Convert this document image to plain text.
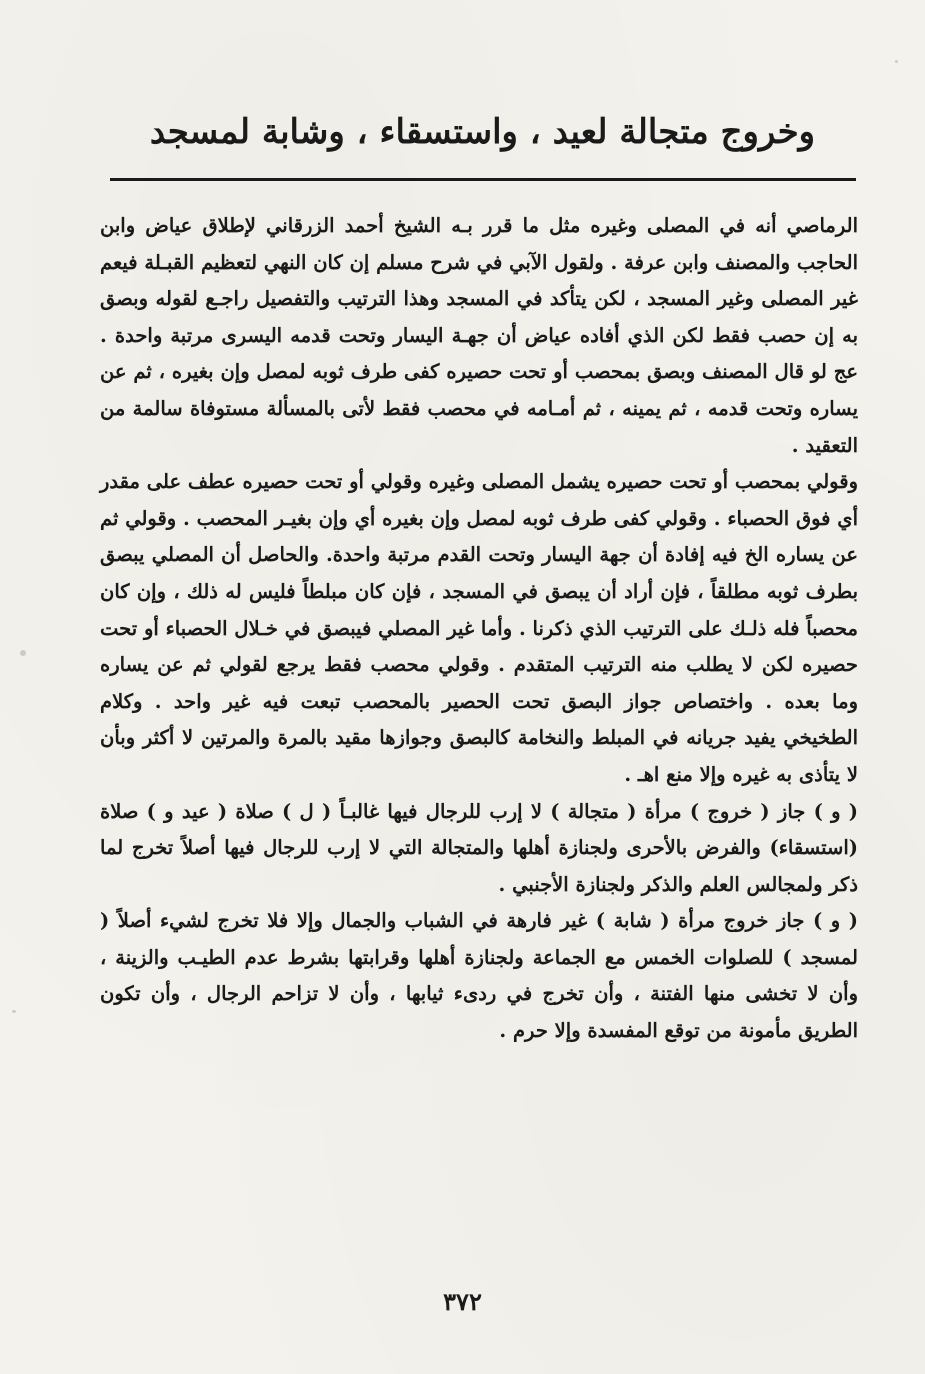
وخروج متجالة لعيد ، واستسقاء ، وشابة لمسجد

الرماصي أنه في المصلى وغيره مثل ما قرر بـه الشيخ أحمد الزرقاني لإطلاق عياض وابن الحاجب والمصنف وابن عرفة . ولقول الآبي في شرح مسلم إن كان النهي لتعظيم القبـلة فيعم غير المصلى وغير المسجد ، لكن يتأكد في المسجد وهذا الترتيب والتفصيل راجـع لقوله وبصق به إن حصب فقط لكن الذي أفاده عياض أن جهـة اليسار وتحت قدمه اليسرى مرتبة واحدة . عج لو قال المصنف وبصق بمحصب أو تحت حصيره كفى طرف ثوبه لمصل وإن بغيره ، ثم عن يساره وتحت قدمه ، ثم يمينه ، ثم أمـامه في محصب فقط لأتى بالمسألة مستوفاة سالمة من التعقيد .

وقولي بمحصب أو تحت حصيره يشمل المصلى وغيره وقولي أو تحت حصيره عطف على مقدر أي فوق الحصباء . وقولي كفى طرف ثوبه لمصل وإن بغيره أي وإن بغيـر المحصب . وقولي ثم عن يساره الخ فيه إفادة أن جهة اليسار وتحت القدم مرتبة واحدة. والحاصل أن المصلي يبصق بطرف ثوبه مطلقاً ، فإن أراد أن يبصق في المسجد ، فإن كان مبلطاً فليس له ذلك ، وإن كان محصباً فله ذلـك على الترتيب الذي ذكرنا . وأما غير المصلي فيبصق في خـلال الحصباء أو تحت حصيره لكن لا يطلب منه الترتيب المتقدم . وقولي محصب فقط يرجع لقولي ثم عن يساره وما بعده . واختصاص جواز البصق تحت الحصير بالمحصب تبعت فيه غير واحد . وكلام الطخيخي يفيد جريانه في المبلط والنخامة كالبصق وجوازها مقيد بالمرة والمرتين لا أكثر وبأن لا يتأذى به غيره وإلا منع اهـ .

( و ) جاز ( خروج ) مرأة ( متجالة ) لا إرب للرجال فيها غالبـاً ( ل ) صلاة ( عيد و ) صلاة (استسقاء) والفرض بالأحرى ولجنازة أهلها والمتجالة التي لا إرب للرجال فيها أصلاً تخرج لما ذكر ولمجالس العلم والذكر ولجنازة الأجنبي .

( و ) جاز خروج مرأة ( شابة ) غير فارهة في الشباب والجمال وإلا فلا تخرج لشيء أصلاً ( لمسجد ) للصلوات الخمس مع الجماعة ولجنازة أهلها وقرابتها بشرط عدم الطيـب والزينة ، وأن لا تخشى منها الفتنة ، وأن تخرج في ردىء ثيابها ، وأن لا تزاحم الرجال ، وأن تكون الطريق مأمونة من توقع المفسدة وإلا حرم .

٣٧٢
